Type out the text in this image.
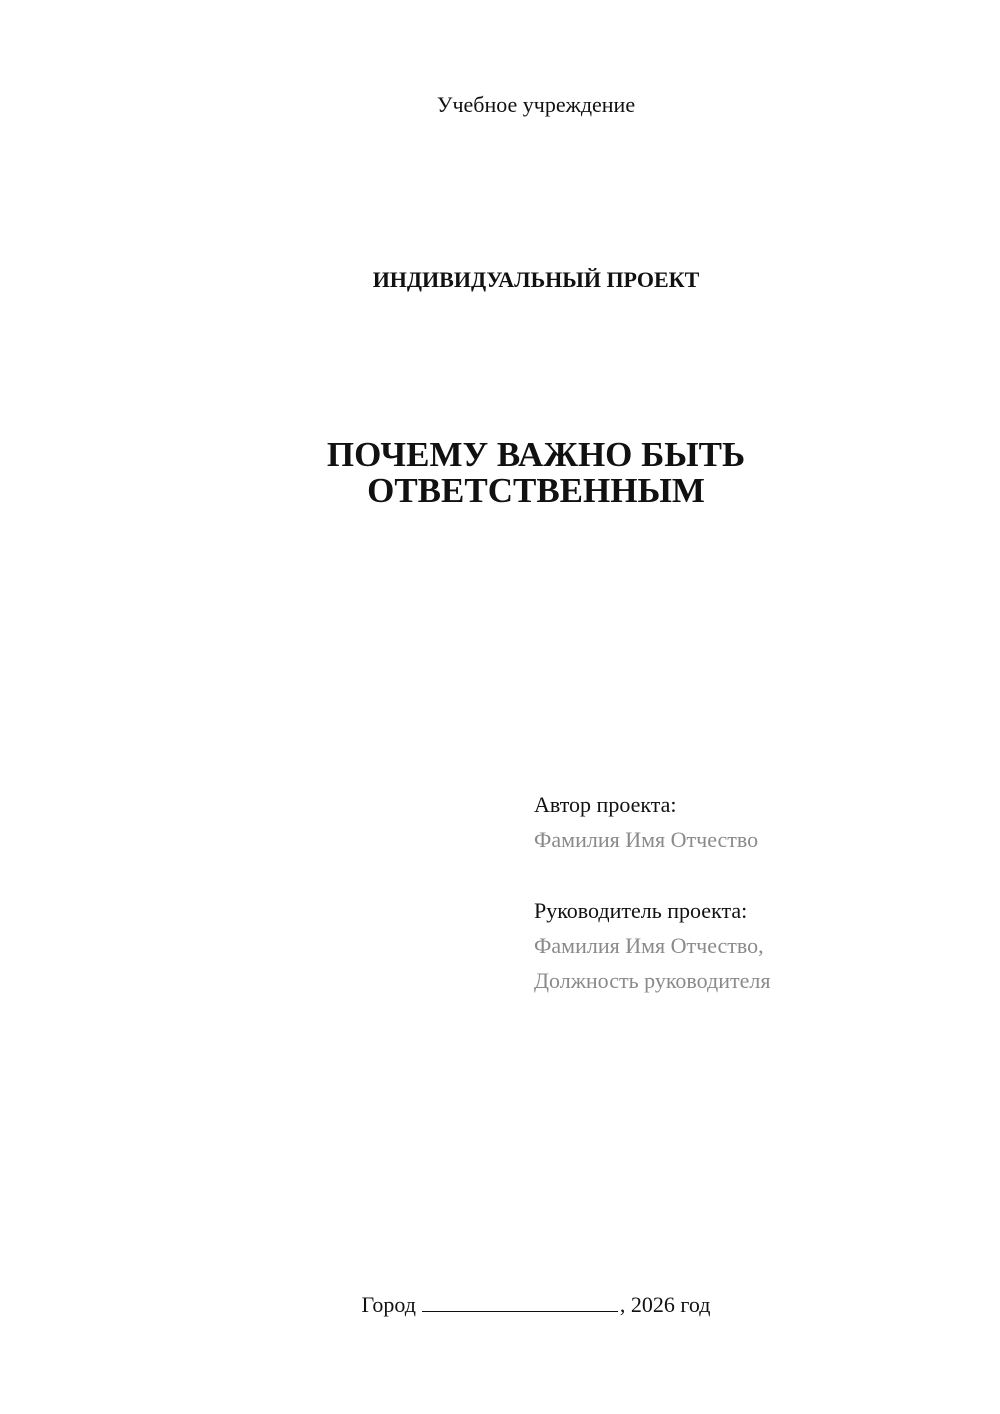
Учебное учреждение
ИНДИВИДУАЛЬНЫЙ ПРОЕКТ
ПОЧЕМУ ВАЖНО БЫТЬ
ОТВЕТСТВЕННЫМ
Автор проекта:
Фамилия Имя Отчество
Руководитель проекта:
Фамилия Имя Отчество,
Должность руководителя
Город	, 2026 год
